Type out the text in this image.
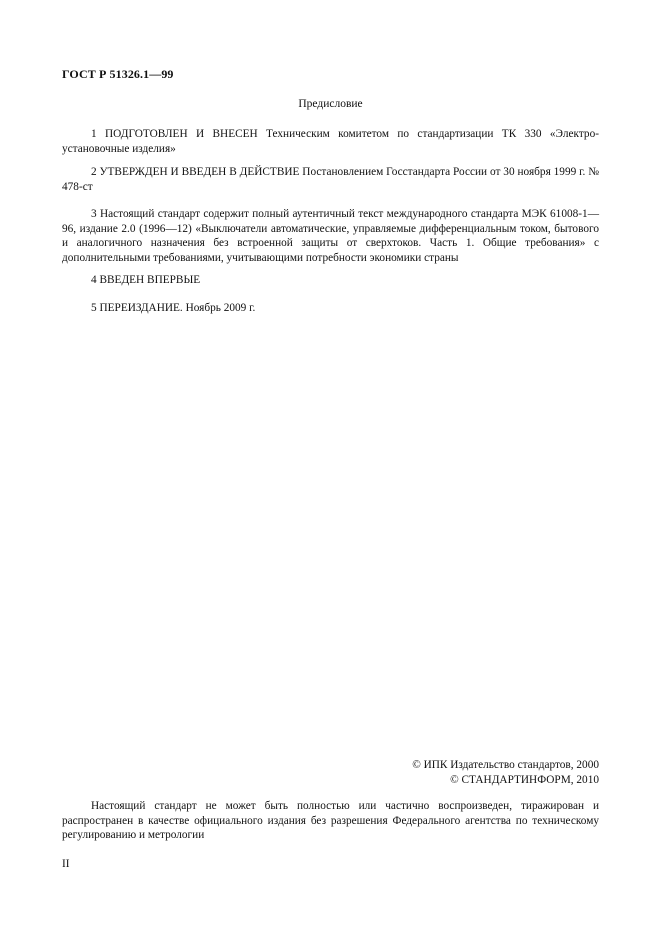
ГОСТ Р 51326.1—99
Предисловие

1 ПОДГОТОВЛЕН И ВНЕСЕН Техническим комитетом по стандартизации ТК 330 «Электро-установочные изделия»

2 УТВЕРЖДЕН И ВВЕДЕН В ДЕЙСТВИЕ Постановлением Госстандарта России от 30 ноября 1999 г. № 478-ст

3 Настоящий стандарт содержит полный аутентичный текст международного стандарта МЭК 61008-1—96, издание 2.0 (1996—12) «Выключатели автоматические, управляемые дифференциальным током, бытового и аналогичного назначения без встроенной защиты от сверхтоков. Часть 1. Общие требования» с дополнительными требованиями, учитывающими потребности экономики страны

4 ВВЕДЕН ВПЕРВЫЕ

5 ПЕРЕИЗДАНИЕ. Ноябрь 2009 г.

© ИПК Издательство стандартов, 2000
© СТАНДАРТИНФОРМ, 2010

Настоящий стандарт не может быть полностью или частично воспроизведен, тиражирован и распространен в качестве официального издания без разрешения Федерального агентства по техническому регулированию и метрологии

II
